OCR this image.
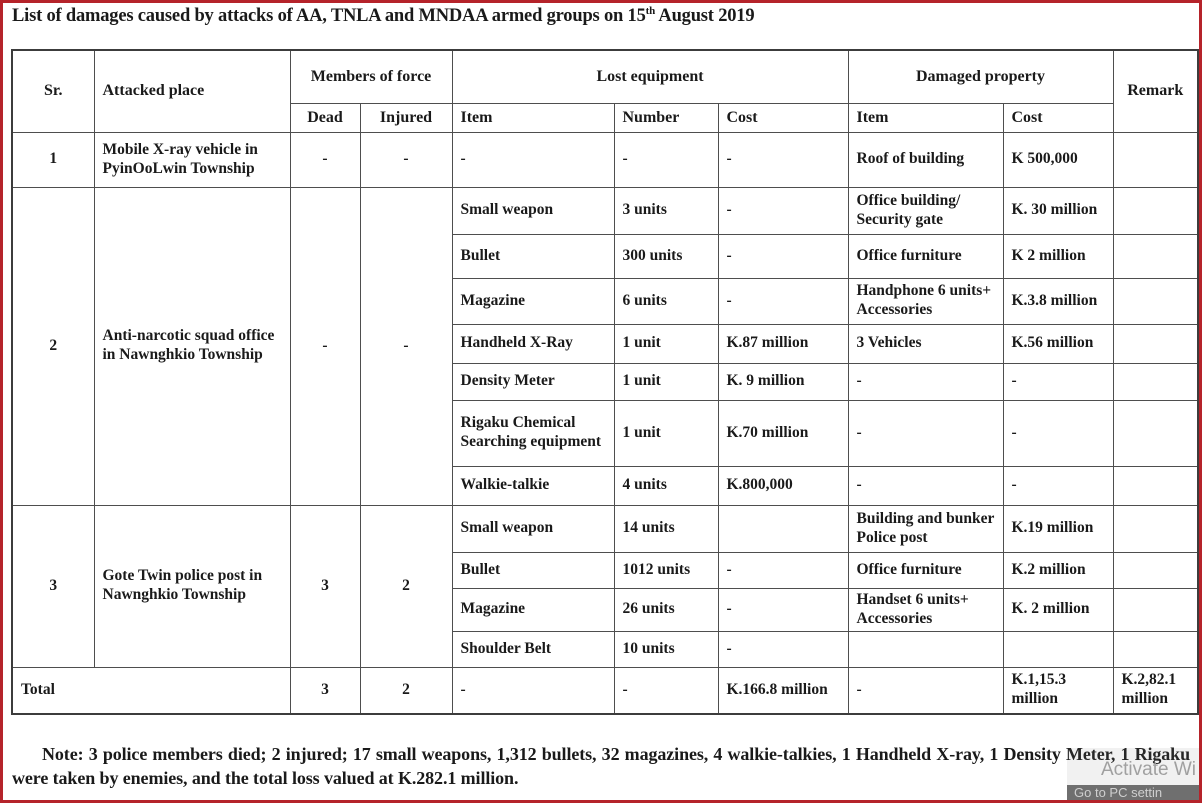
List of damages caused by attacks of AA, TNLA and MNDAA armed groups on 15th August 2019
Sr.	Attacked place	Members of force		Lost equipment			Damaged property		Remark
		Dead	Injured	Item	Number	Cost	Item	Cost	
1	Mobile X-ray vehicle in PyinOoLwin Township	-	-	-	-	-	Roof of building	K 500,000	
2	Anti-narcotic squad office in Nawnghkio Township	-	-	Small weapon	3 units	-	Office building/ Security gate	K. 30 million	
				Bullet	300 units	-	Office furniture	K 2 million	
				Magazine	6 units	-	Handphone 6 units+ Accessories	K.3.8 million	
				Handheld X-Ray	1 unit	K.87 million	3 Vehicles	K.56 million	
				Density Meter	1 unit	K. 9 million	-	-	
				Rigaku Chemical Searching equipment	1 unit	K.70 million	-	-	
				Walkie-talkie	4 units	K.800,000	-	-	
3	Gote Twin police post in Nawnghkio Township	3	2	Small weapon	14 units		Building and bunker Police post	K.19 million	
				Bullet	1012 units	-	Office furniture	K.2 million	
				Magazine	26 units	-	Handset 6 units+ Accessories	K. 2 million	
				Shoulder Belt	10 units	-			
Total		3	2	-	-	K.166.8 million	-	K.1,15.3 million	K.2,82.1 million
Note: 3 police members died; 2 injured; 17 small weapons, 1,312 bullets, 32 magazines, 4 walkie-talkies, 1 Handheld X-ray, 1 Density Meter, 1 Rigaku were taken by enemies, and the total loss valued at K.282.1 million.	Activate Wi
Go to PC settin
